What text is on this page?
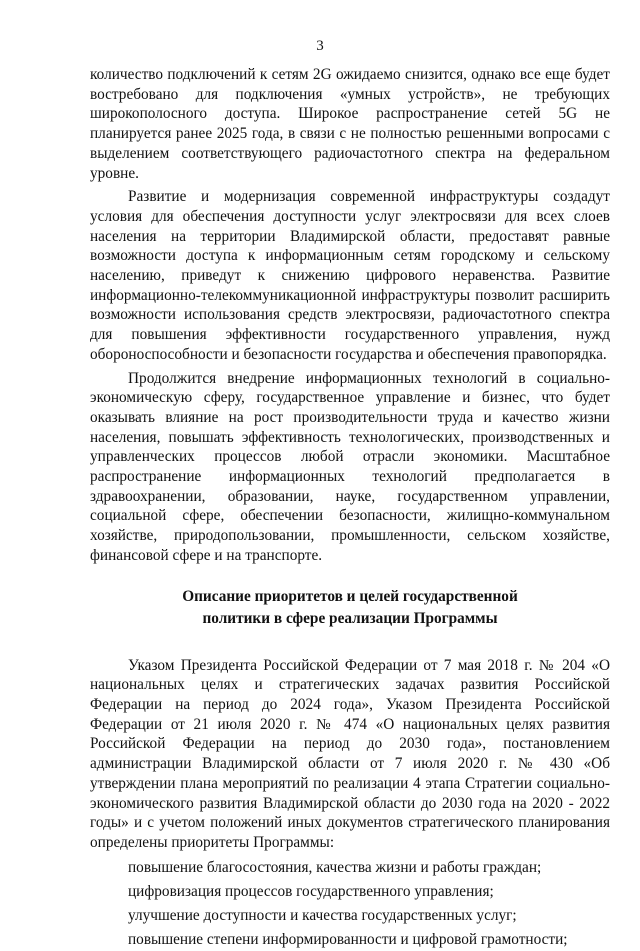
3

количество подключений к сетям 2G ожидаемо снизится, однако все еще будет востребовано для подключения «умных устройств», не требующих широкополосного доступа. Широкое распространение сетей 5G не планируется ранее 2025 года, в связи с не полностью решенными вопросами с выделением соответствующего радиочастотного спектра на федеральном уровне.

Развитие и модернизация современной инфраструктуры создадут условия для обеспечения доступности услуг электросвязи для всех слоев населения на территории Владимирской области, предоставят равные возможности доступа к информационным сетям городскому и сельскому населению, приведут к снижению цифрового неравенства. Развитие информационно-телекоммуникационной инфраструктуры позволит расширить возможности использования средств электросвязи, радиочастотного спектра для повышения эффективности государственного управления, нужд обороноспособности и безопасности государства и обеспечения правопорядка.

Продолжится внедрение информационных технологий в социально-экономическую сферу, государственное управление и бизнес, что будет оказывать влияние на рост производительности труда и качество жизни населения, повышать эффективность технологических, производственных и управленческих процессов любой отрасли экономики. Масштабное распространение информационных технологий предполагается в здравоохранении, образовании, науке, государственном управлении, социальной сфере, обеспечении безопасности, жилищно-коммунальном хозяйстве, природопользовании, промышленности, сельском хозяйстве, финансовой сфере и на транспорте.

Описание приоритетов и целей государственной
политики в сфере реализации Программы

Указом Президента Российской Федерации от 7 мая 2018 г. № 204 «О национальных целях и стратегических задачах развития Российской Федерации на период до 2024 года», Указом Президента Российской Федерации от 21 июля 2020 г. № 474 «О национальных целях развития Российской Федерации на период до 2030 года», постановлением администрации Владимирской области от 7 июля 2020 г. № 430 «Об утверждении плана мероприятий по реализации 4 этапа Стратегии социально-экономического развития Владимирской области до 2030 года на 2020 - 2022 годы» и с учетом положений иных документов стратегического планирования определены приоритеты Программы:

повышение благосостояния, качества жизни и работы граждан;
цифровизация процессов государственного управления;
улучшение доступности и качества государственных услуг;
повышение степени информированности и цифровой грамотности;
